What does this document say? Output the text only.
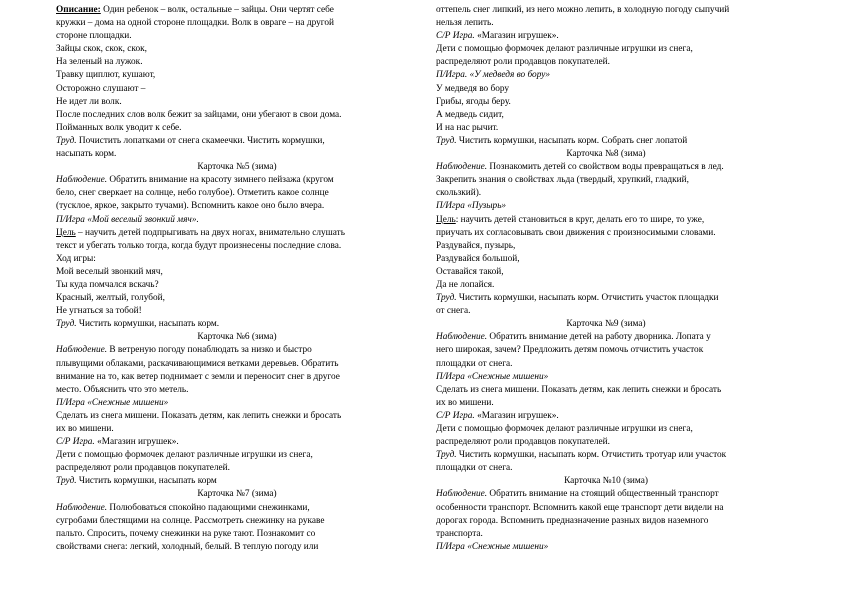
Описание: Один ребенок – волк, остальные – зайцы. Они чертят себе
кружки – дома на одной стороне площадки. Волк в овраге – на другой
стороне площадки.
Зайцы скок, скок, скок,
На зеленый на лужок.
Травку щиплют, кушают,
Осторожно слушают –
Не идет ли волк.
После последних слов волк бежит за зайцами, они убегают в свои дома.
Пойманных волк уводит к себе.
Труд. Почистить лопатками от снега скамеечки. Чистить кормушки,
насыпать корм.
Карточка №5 (зима)
Наблюдение. Обратить внимание на красоту зимнего пейзажа (кругом
бело, снег сверкает на солнце, небо голубое). Отметить какое солнце
(тусклое, яркое, закрыто тучами). Вспомнить какое оно было вчера.
П/Игра «Мой веселый звонкий мяч».
Цель – научить детей подпрыгивать на двух ногах, внимательно слушать
текст и убегать только тогда, когда будут произнесены последние слова.
Ход игры:
Мой веселый звонкий мяч,
Ты куда помчался вскачь?
Красный, желтый, голубой,
Не угнаться за тобой!
Труд. Чистить кормушки, насыпать корм.
Карточка №6 (зима)
Наблюдение. В ветреную погоду понаблюдать за низко и быстро
плывущими облаками, раскачивающимися ветками деревьев. Обратить
внимание на то, как ветер поднимает с земли и переносит снег в другое
место. Объяснить что это метель.
П/Игра «Снежные мишени»
Сделать из снега мишени. Показать детям, как лепить снежки и бросать
их во мишени.
С/Р Игра. «Магазин игрушек».
Дети с помощью формочек делают различные игрушки из снега,
распределяют роли продавцов покупателей.
Труд. Чистить кормушки, насыпать корм
Карточка №7 (зима)
Наблюдение. Полюбоваться спокойно падающими снежинками,
сугробами блестящими на солнце. Рассмотреть снежинку на рукаве
пальто. Спросить, почему снежинки на руке тают. Познакомит со
свойствами снега: легкий, холодный, белый. В теплую погоду или
оттепель снег липкий, из него можно лепить, в холодную погоду сыпучий
нельзя лепить.
С/Р Игра. «Магазин игрушек».
Дети с помощью формочек делают различные игрушки из снега,
распределяют роли продавцов покупателей.
П/Игра. «У медведя во бору»
У медведя во бору
Грибы, ягоды беру.
А медведь сидит,
И на нас рычит.
Труд. Чистить кормушки, насыпать корм. Собрать снег лопатой
Карточка №8 (зима)
Наблюдение. Познакомить детей со свойством воды превращаться в лед.
Закрепить знания о свойствах льда (твердый, хрупкий, гладкий,
скользкий).
П/Игра «Пузырь»
Цель: научить детей становиться в круг, делать его то шире, то уже,
приучать их согласовывать свои движения с произносимыми словами.
Раздувайся, пузырь,
Раздувайся большой,
Оставайся такой,
Да не лопайся.
Труд. Чистить кормушки, насыпать корм. Отчистить участок площадки
от снега.
Карточка №9 (зима)
Наблюдение. Обратить внимание детей на работу дворника. Лопата у
него широкая, зачем? Предложить детям помочь отчистить участок
площадки от снега.
П/Игра «Снежные мишени»
Сделать из снега мишени. Показать детям, как лепить снежки и бросать
их во мишени.
С/Р Игра. «Магазин игрушек».
Дети с помощью формочек делают различные игрушки из снега,
распределяют роли продавцов покупателей.
Труд. Чистить кормушки, насыпать корм. Отчистить тротуар или участок
площадки от снега.
Карточка №10 (зима)
Наблюдение. Обратить внимание на стоящий общественный транспорт
особенности транспорт. Вспомнить какой еще транспорт дети видели на
дорогах города. Вспомнить предназначение разных видов наземного
транспорта.
П/Игра «Снежные мишени»
